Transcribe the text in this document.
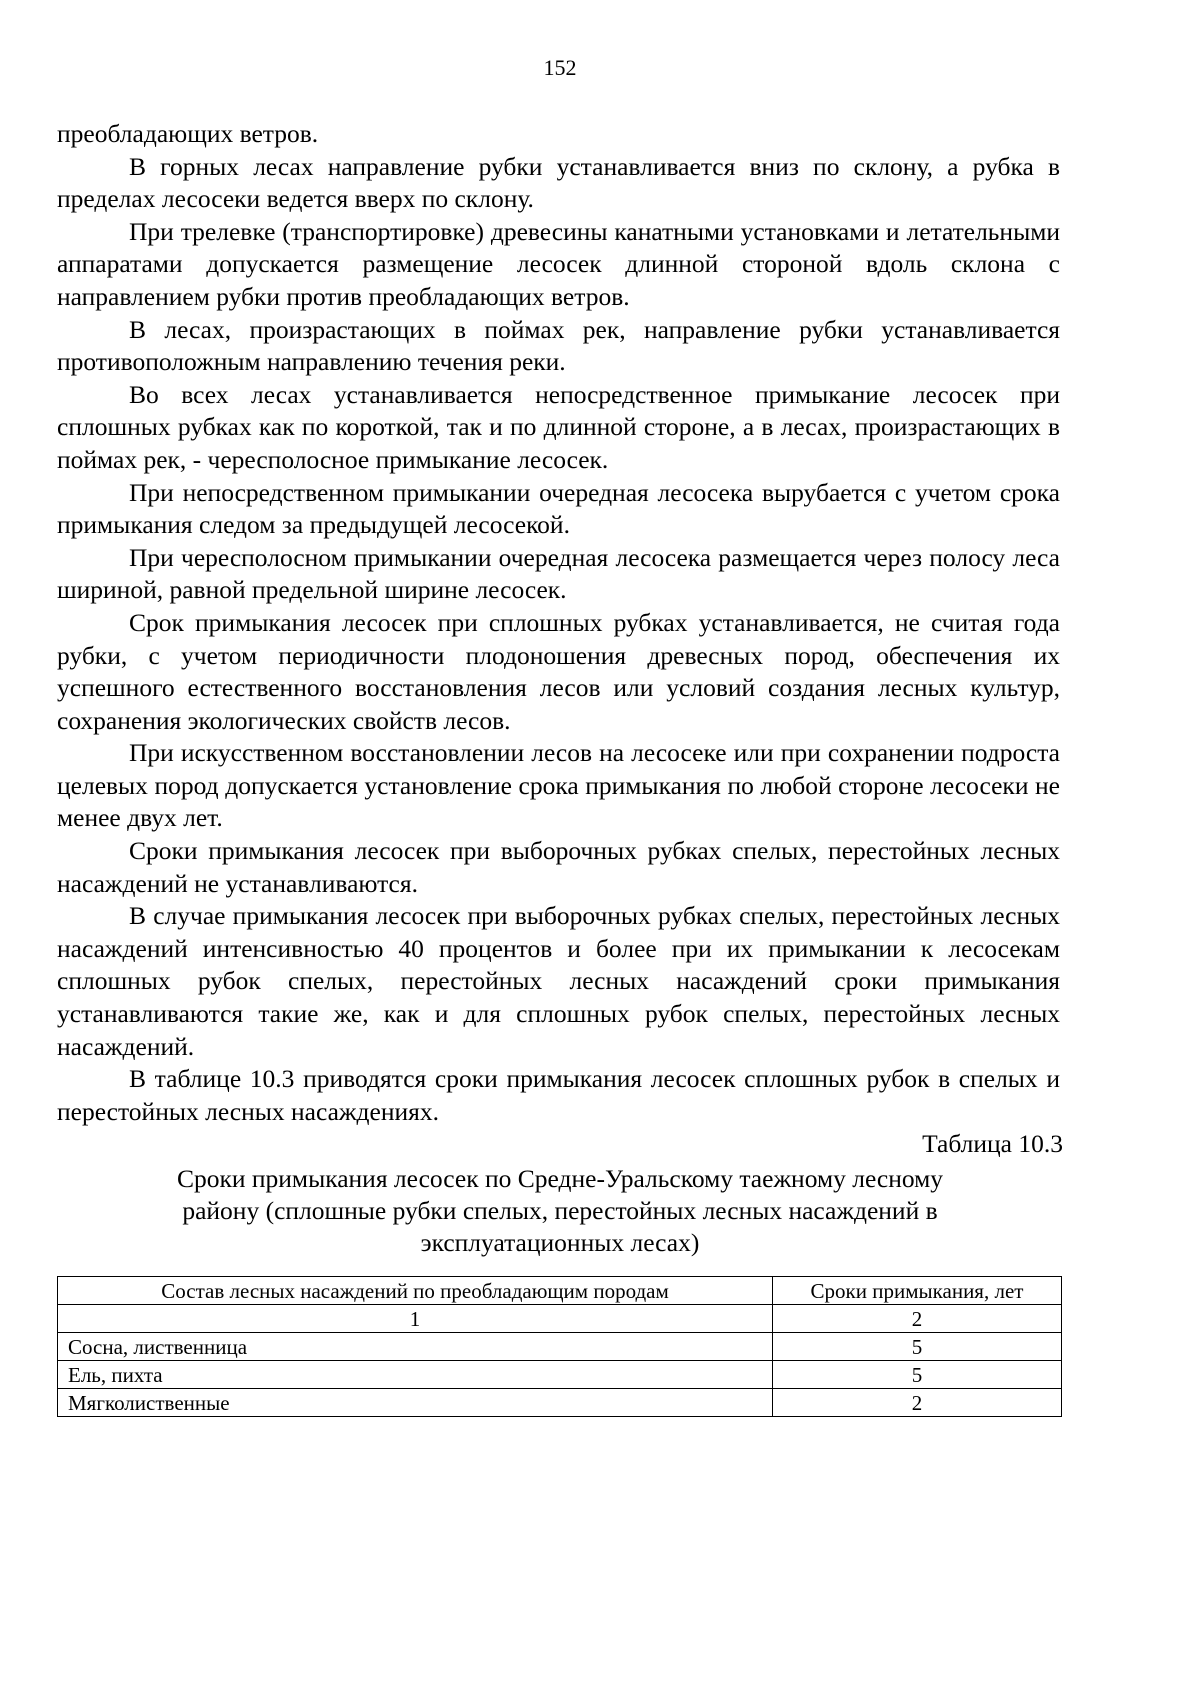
152

преобладающих ветров.

В горных лесах направление рубки устанавливается вниз по склону, а рубка в пределах лесосеки ведется вверх по склону.

При трелевке (транспортировке) древесины канатными установками и летательными аппаратами допускается размещение лесосек длинной стороной вдоль склона с направлением рубки против преобладающих ветров.

В лесах, произрастающих в поймах рек, направление рубки устанавливается противоположным направлению течения реки.

Во всех лесах устанавливается непосредственное примыкание лесосек при сплошных рубках как по короткой, так и по длинной стороне, а в лесах, произрастающих в поймах рек, - чересполосное примыкание лесосек.

При непосредственном примыкании очередная лесосека вырубается с учетом срока примыкания следом за предыдущей лесосекой.

При чересполосном примыкании очередная лесосека размещается через полосу леса шириной, равной предельной ширине лесосек.

Срок примыкания лесосек при сплошных рубках устанавливается, не считая года рубки, с учетом периодичности плодоношения древесных пород, обеспечения их успешного естественного восстановления лесов или условий создания лесных культур, сохранения экологических свойств лесов.

При искусственном восстановлении лесов на лесосеке или при сохранении подроста целевых пород допускается установление срока примыкания по любой стороне лесосеки не менее двух лет.

Сроки примыкания лесосек при выборочных рубках спелых, перестойных лесных насаждений не устанавливаются.

В случае примыкания лесосек при выборочных рубках спелых, перестойных лесных насаждений интенсивностью 40 процентов и более при их примыкании к лесосекам сплошных рубок спелых, перестойных лесных насаждений сроки примыкания устанавливаются такие же, как и для сплошных рубок спелых, перестойных лесных насаждений.

В таблице 10.3 приводятся сроки примыкания лесосек сплошных рубок в спелых и перестойных лесных насаждениях.

Таблица 10.3
Сроки примыкания лесосек по Средне-Уральскому таежному лесному
району (сплошные рубки спелых, перестойных лесных насаждений в
эксплуатационных лесах)
Состав лесных насаждений по преобладающим породам	Сроки примыкания, лет
1	2
Сосна, лиственница	5
Ель, пихта	5
Мягколиственные	2
